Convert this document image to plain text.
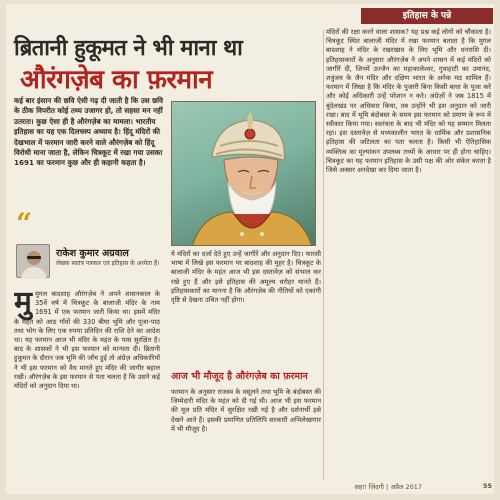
इतिहास के पन्ने
ब्रितानी हुकूमत ने भी माना था
औरंगज़ेब का फ़रमान
कई बार इंसान की छवि ऐसी गढ़ दी जाती है कि उस छवि के ठीक विपरीत कोई तथ्य उजागर हो, तो सहसा मन नहीं उतरता। कुछ ऐसा ही है औरंगज़ेब का मामला। भारतीय इतिहास का यह एक दिलचस्प अध्याय है। हिंदू मंदिरों की देखभाल में फरमान जारी करने वाले औरंगज़ेब को हिंदू विरोधी माना जाता है, लेकिन चित्रकूट में रखा गया उसका 1691 का फरमान कुछ और ही कहानी कहता है।
“
राकेश कुमार अग्रवाल
लेखक स्वतंत्र पत्रकार एवं इतिहास के अध्येता हैं।
मुमुगल बादशाह औरंगज़ेब ने अपने शासनकाल के 35वें वर्ष में चित्रकूट के बालाजी मंदिर के नाम 1691 में एक फरमान जारी किया था। इसमें मंदिर के महंत को आठ गाँवों की 330 बीघा भूमि और पूजा-पाठ तथा भोग के लिए एक रुपया प्रतिदिन की राशि देने का आदेश था। यह फरमान आज भी मंदिर के महंत के पास सुरक्षित है। बाद के शासकों ने भी इस फरमान को मान्यता दी। ब्रितानी हुकूमत के दौरान जब भूमि की जाँच हुई तो अंग्रेज़ अधिकारियों ने भी इस फरमान को वैध मानते हुए मंदिर की जागीर बहाल रखी। औरंगज़ेब के इस फरमान से पता चलता है कि उसने कई मंदिरों को अनुदान दिया था।
ये मंदिरों का दर्जा देते हुए उन्हें जागीरें और अनुदान दिए। फारसी भाषा में लिखे इस फरमान पर बादशाह की मुहर है। चित्रकूट के बालाजी मंदिर के महंत आज भी इस दस्तावेज़ को संभाल कर रखे हुए हैं और इसे इतिहास की अमूल्य धरोहर मानते हैं। इतिहासकारों का मानना है कि औरंगज़ेब की नीतियों को एकांगी दृष्टि से देखना उचित नहीं होगा।
आज भी मौजूद है औरंगज़ेब का फ़रमान
फरमान के अनुसार राजस्व के वसूलने तथा भूमि के बंदोबस्त की जिम्मेदारी मंदिर के महंत को दी गई थी। आज भी इस फरमान की मूल प्रति मंदिर में सुरक्षित रखी गई है और दर्शनार्थी इसे देखने आते हैं। इसकी प्रमाणित प्रतिलिपि सरकारी अभिलेखागार में भी मौजूद है।
मंदिरों की रक्षा करने वाला शासक? यह प्रश्न कई लोगों को चौंकाता है। चित्रकूट स्थित बालाजी मंदिर में रखा फरमान बताता है कि मुगल बादशाह ने मंदिर के रखरखाव के लिए भूमि और धनराशि दी। इतिहासकारों के अनुसार औरंगज़ेब ने अपने शासन में कई मंदिरों को जागीरें दीं, जिनमें उज्जैन का महाकालेश्वर, गुवाहाटी का उमानंद, शत्रुंजय के जैन मंदिर और दक्षिण भारत के अनेक मठ शामिल हैं। फरमान में लिखा है कि मंदिर के पुजारी बिना किसी बाधा के पूजा करें और कोई अधिकारी उन्हें परेशान न करे। अंग्रेज़ों ने जब 1815 में बुंदेलखंड पर अधिकार किया, तब उन्होंने भी इस अनुदान को जारी रखा। बाद में भूमि बंदोबस्त के समय इस फरमान को प्रमाण के रूप में स्वीकार किया गया। स्वतंत्रता के बाद भी मंदिर को यह सम्मान मिलता रहा। इस दस्तावेज़ से मध्यकालीन भारत के धार्मिक और प्रशासनिक इतिहास की जटिलता का पता चलता है। किसी भी ऐतिहासिक व्यक्तित्व का मूल्यांकन उपलब्ध तथ्यों के आधार पर ही होना चाहिए। चित्रकूट का यह फरमान इतिहास के उसी पक्ष की ओर संकेत करता है जिसे अक्सर अनदेखा कर दिया जाता है।
अहा! ज़िंदगी | अप्रैल 2017	55
